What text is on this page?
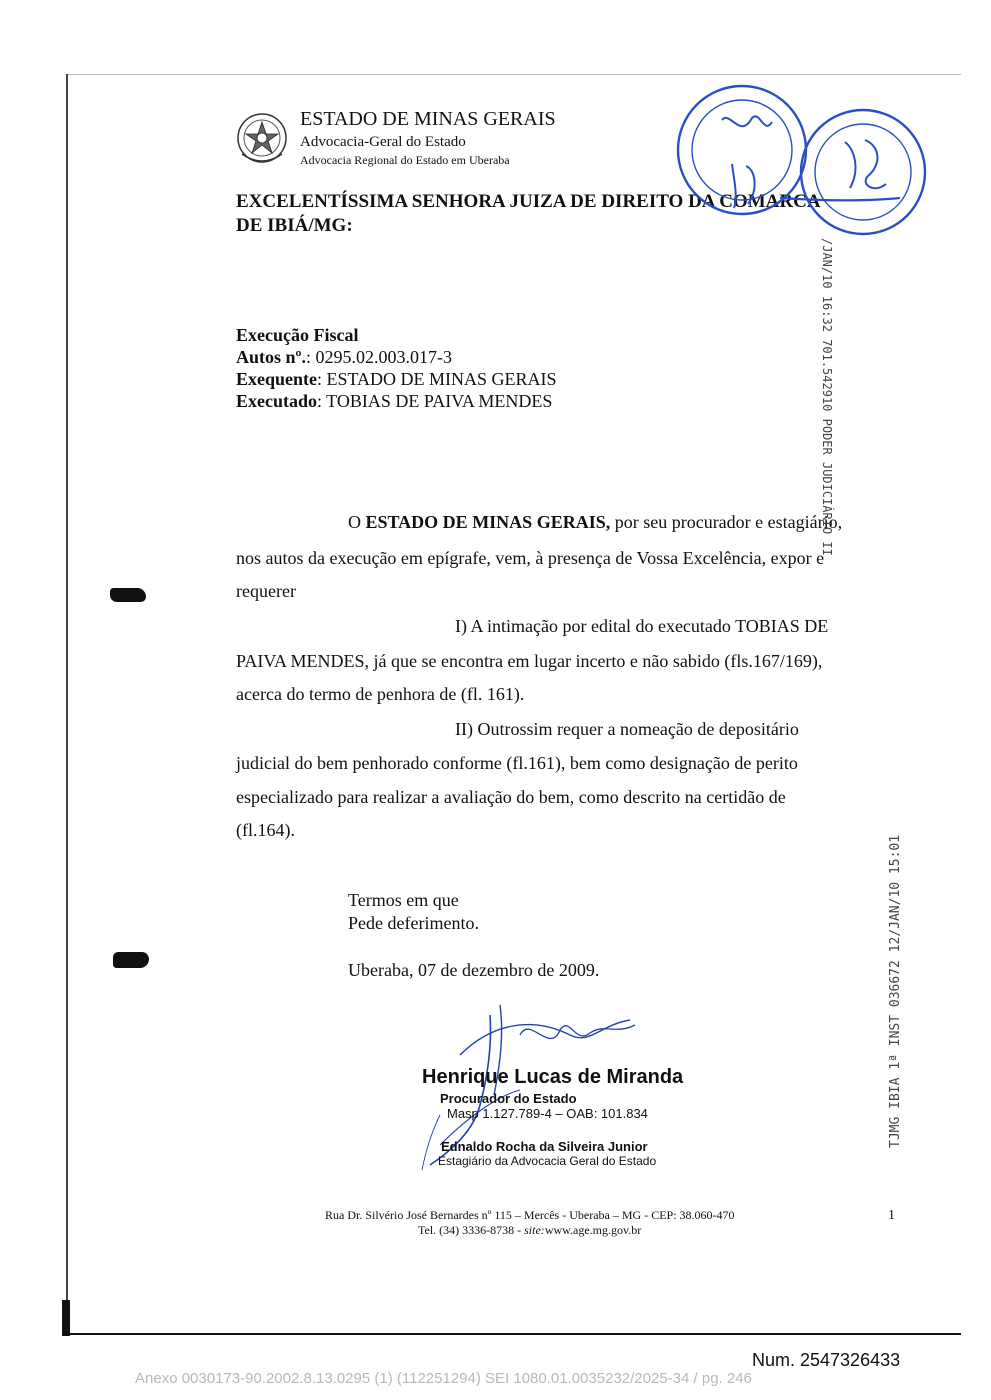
ESTADO DE MINAS GERAIS
Advocacia-Geral do Estado
Advocacia Regional do Estado em Uberaba
EXCELENTÍSSIMA SENHORA JUIZA DE DIREITO DA COMARCA
DE IBIÁ/MG:
Execução Fiscal
Autos nº.: 0295.02.003.017-3
Exequente: ESTADO DE MINAS GERAIS
Executado: TOBIAS DE PAIVA MENDES
O ESTADO DE MINAS GERAIS, por seu procurador e estagiário,
nos autos da execução em epígrafe, vem, à presença de Vossa Excelência, expor e
requerer
I) A intimação por edital do executado TOBIAS DE
PAIVA MENDES, já que se encontra em lugar incerto e não sabido (fls.167/169),
acerca do termo de penhora de (fl. 161).
II) Outrossim requer a nomeação de depositário
judicial do bem penhorado conforme (fl.161), bem como designação de perito
especializado para realizar a avaliação do bem, como descrito na certidão de
(fl.164).
Termos em que
Pede deferimento.
Uberaba, 07 de dezembro de 2009.
Henrique Lucas de Miranda
Procurador do Estado
Masp 1.127.789-4 – OAB: 101.834
Ednaldo Rocha da Silveira Junior
Estagiário da Advocacia Geral do Estado
Rua Dr. Silvério José Bernardes nº 115 – Mercês - Uberaba – MG - CEP: 38.060-470
Tel. (34) 3336-8738 - site:www.age.mg.gov.br
1
/JAN/10 16:32 701.542910 PODER JUDICIÁRIO II
TJMG IBIA 1ª INST 036672 12/JAN/10 15:01
Num. 2547326433
Anexo 0030173-90.2002.8.13.0295 (1) (112251294) SEI 1080.01.0035232/2025-34 / pg. 246
